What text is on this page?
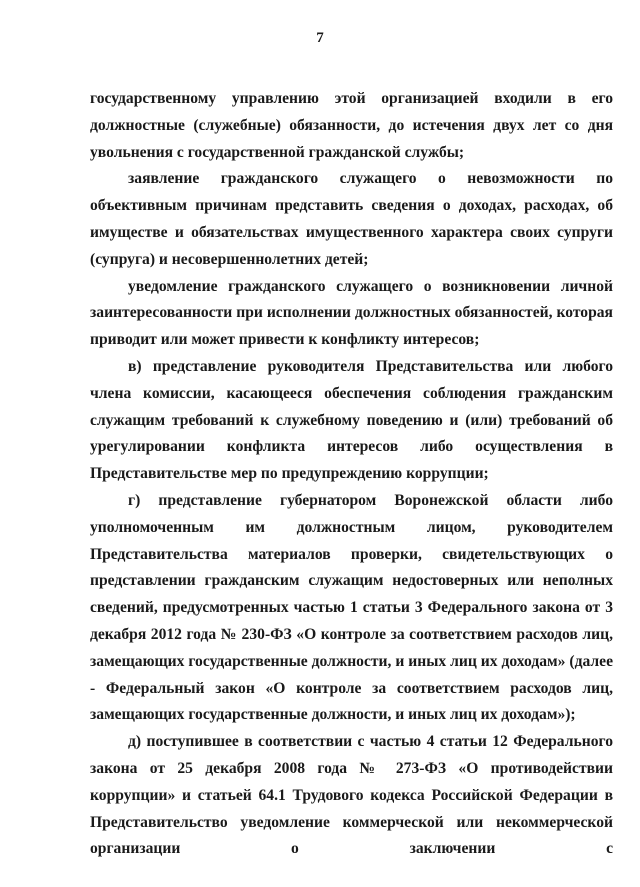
7

государственному управлению этой организацией входили в его должностные (служебные) обязанности, до истечения двух лет со дня увольнения с государственной гражданской службы;

заявление гражданского служащего о невозможности по объективным причинам представить сведения о доходах, расходах, об имуществе и обязательствах имущественного характера своих супруги (супруга) и несовершеннолетних детей;

уведомление гражданского служащего о возникновении личной заинтересованности при исполнении должностных обязанностей, которая приводит или может привести к конфликту интересов;

в) представление руководителя Представительства или любого члена комиссии, касающееся обеспечения соблюдения гражданским служащим требований к служебному поведению и (или) требований об урегулировании конфликта интересов либо осуществления в Представительстве мер по предупреждению коррупции;

г) представление губернатором Воронежской области либо уполномоченным им должностным лицом, руководителем Представительства материалов проверки, свидетельствующих о представлении гражданским служащим недостоверных или неполных сведений, предусмотренных частью 1 статьи 3 Федерального закона от 3 декабря 2012 года № 230-ФЗ «О контроле за соответствием расходов лиц, замещающих государственные должности, и иных лиц их доходам» (далее - Федеральный закон «О контроле за соответствием расходов лиц, замещающих государственные должности, и иных лиц их доходам»);

д) поступившее в соответствии с частью 4 статьи 12 Федерального закона от 25 декабря 2008 года № 273-ФЗ «О противодействии коррупции» и статьей 64.1 Трудового кодекса Российской Федерации в Представительство уведомление коммерческой или некоммерческой организации о заключении с
